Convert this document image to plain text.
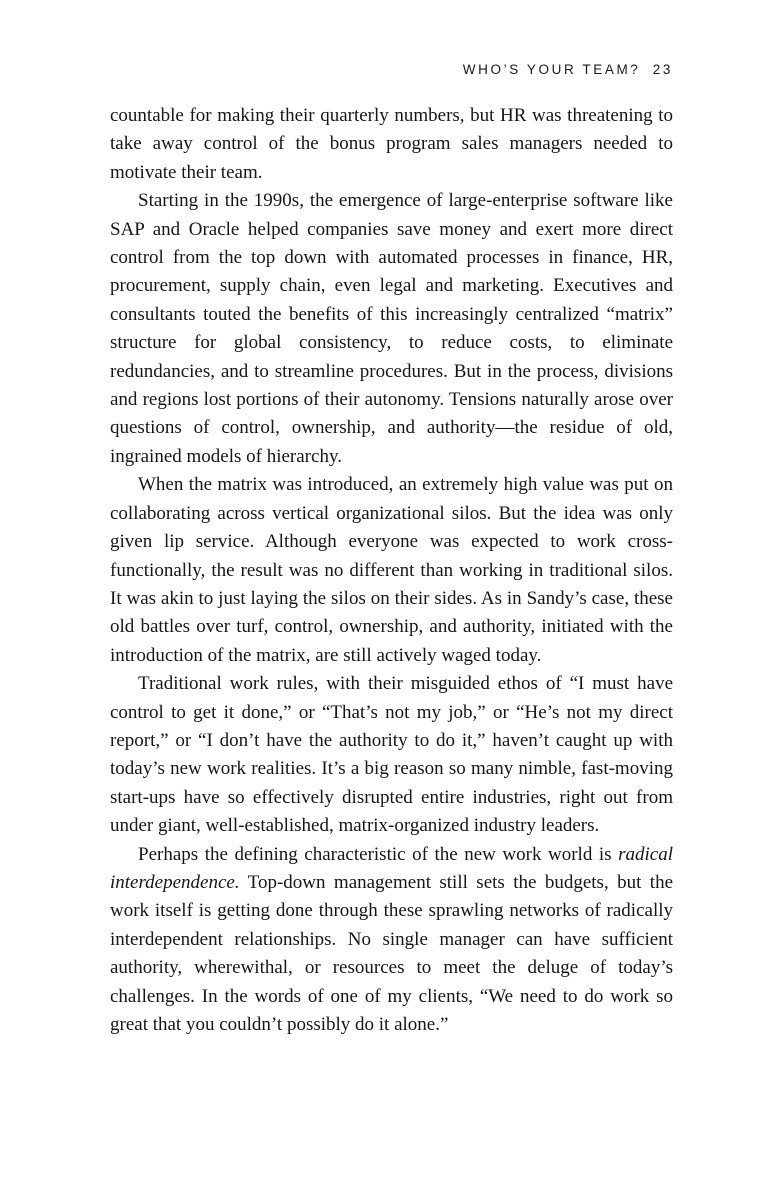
WHO’S YOUR TEAM? 23

countable for making their quarterly numbers, but HR was threatening to take away control of the bonus program sales managers needed to motivate their team.

Starting in the 1990s, the emergence of large-enterprise software like SAP and Oracle helped companies save money and exert more direct control from the top down with automated processes in finance, HR, procurement, supply chain, even legal and marketing. Executives and consultants touted the benefits of this increasingly centralized “matrix” structure for global consistency, to reduce costs, to eliminate redundancies, and to streamline procedures. But in the process, divisions and regions lost portions of their autonomy. Tensions naturally arose over questions of control, ownership, and authority—the residue of old, ingrained models of hierarchy.

When the matrix was introduced, an extremely high value was put on collaborating across vertical organizational silos. But the idea was only given lip service. Although everyone was expected to work cross-functionally, the result was no different than working in traditional silos. It was akin to just laying the silos on their sides. As in Sandy’s case, these old battles over turf, control, ownership, and authority, initiated with the introduction of the matrix, are still actively waged today.

Traditional work rules, with their misguided ethos of “I must have control to get it done,” or “That’s not my job,” or “He’s not my direct report,” or “I don’t have the authority to do it,” haven’t caught up with today’s new work realities. It’s a big reason so many nimble, fast-moving start-ups have so effectively disrupted entire industries, right out from under giant, well-established, matrix-organized industry leaders.

Perhaps the defining characteristic of the new work world is radical interdependence. Top-down management still sets the budgets, but the work itself is getting done through these sprawling networks of radically interdependent relationships. No single manager can have sufficient authority, wherewithal, or resources to meet the deluge of today’s challenges. In the words of one of my clients, “We need to do work so great that you couldn’t possibly do it alone.”
